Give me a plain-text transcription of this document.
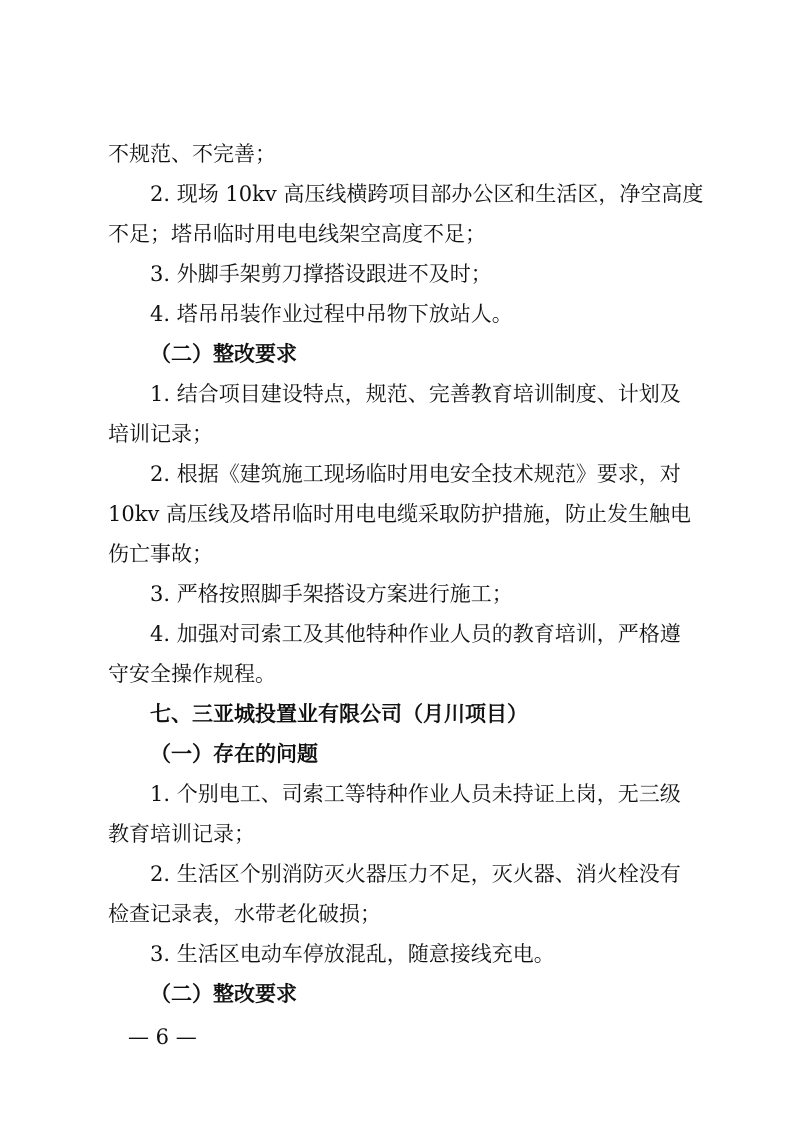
不规范、不完善；
2. 现场 10kv 高压线横跨项目部办公区和生活区，净空高度
不足；塔吊临时用电电线架空高度不足；
3. 外脚手架剪刀撑搭设跟进不及时；
4. 塔吊吊装作业过程中吊物下放站人。
（二）整改要求
1. 结合项目建设特点，规范、完善教育培训制度、计划及
培训记录；
2. 根据《建筑施工现场临时用电安全技术规范》要求，对
10kv 高压线及塔吊临时用电电缆采取防护措施，防止发生触电
伤亡事故；
3. 严格按照脚手架搭设方案进行施工；
4. 加强对司索工及其他特种作业人员的教育培训，严格遵
守安全操作规程。
七、三亚城投置业有限公司（月川项目）
（一）存在的问题
1. 个别电工、司索工等特种作业人员未持证上岗，无三级
教育培训记录；
2. 生活区个别消防灭火器压力不足，灭火器、消火栓没有
检查记录表，水带老化破损；
3. 生活区电动车停放混乱，随意接线充电。
（二）整改要求
— 6 —
